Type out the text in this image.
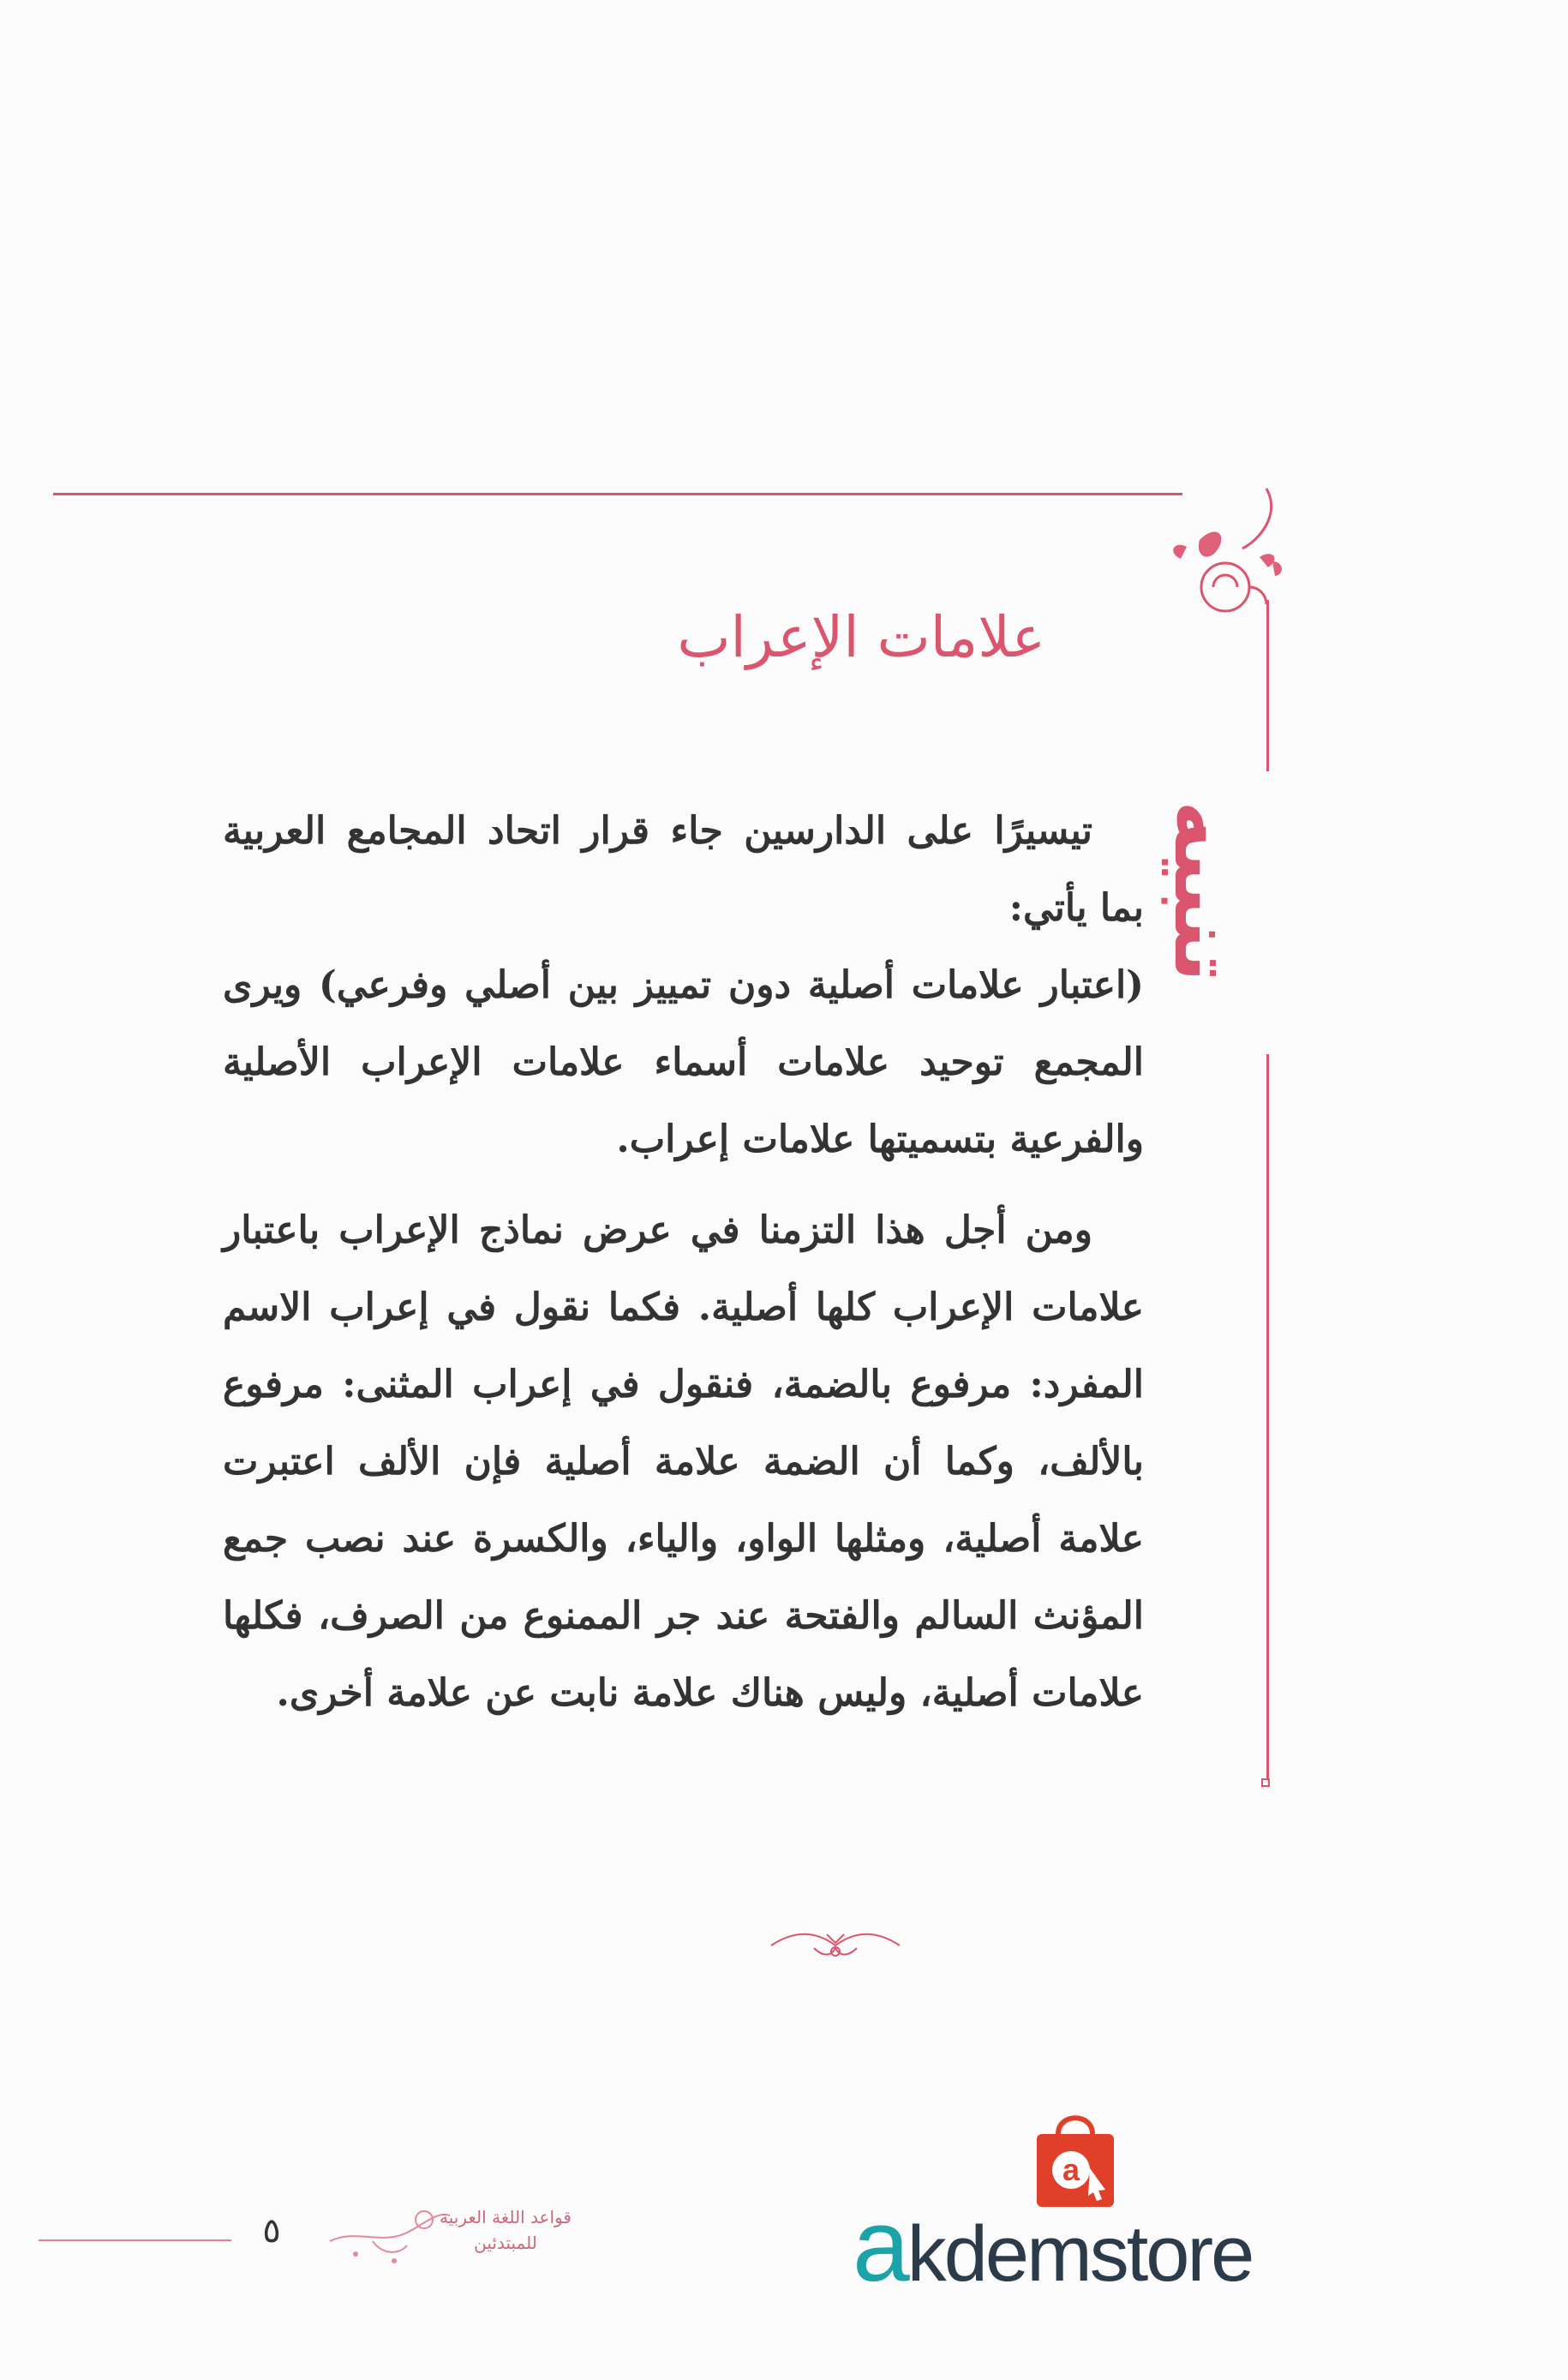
علامات الإعراب
تنبيه

تيسيرًا على الدارسين جاء قرار اتحاد المجامع العربية بما يأتي:

(اعتبار علامات أصلية دون تمييز بين أصلي وفرعي) ويرى المجمع توحيد علامات أسماء علامات الإعراب الأصلية والفرعية بتسميتها علامات إعراب.

ومن أجل هذا التزمنا في عرض نماذج الإعراب باعتبار علامات الإعراب كلها أصلية. فكما نقول في إعراب الاسم المفرد: مرفوع بالضمة، فنقول في إعراب المثنى: مرفوع بالألف، وكما أن الضمة علامة أصلية فإن الألف اعتبرت علامة أصلية، ومثلها الواو، والياء، والكسرة عند نصب جمع المؤنث السالم والفتحة عند جر الممنوع من الصرف، فكلها علامات أصلية، وليس هناك علامة نابت عن علامة أخرى.

٥	قواعد اللغة العربية
للمبتدئين
a
akdemstore
